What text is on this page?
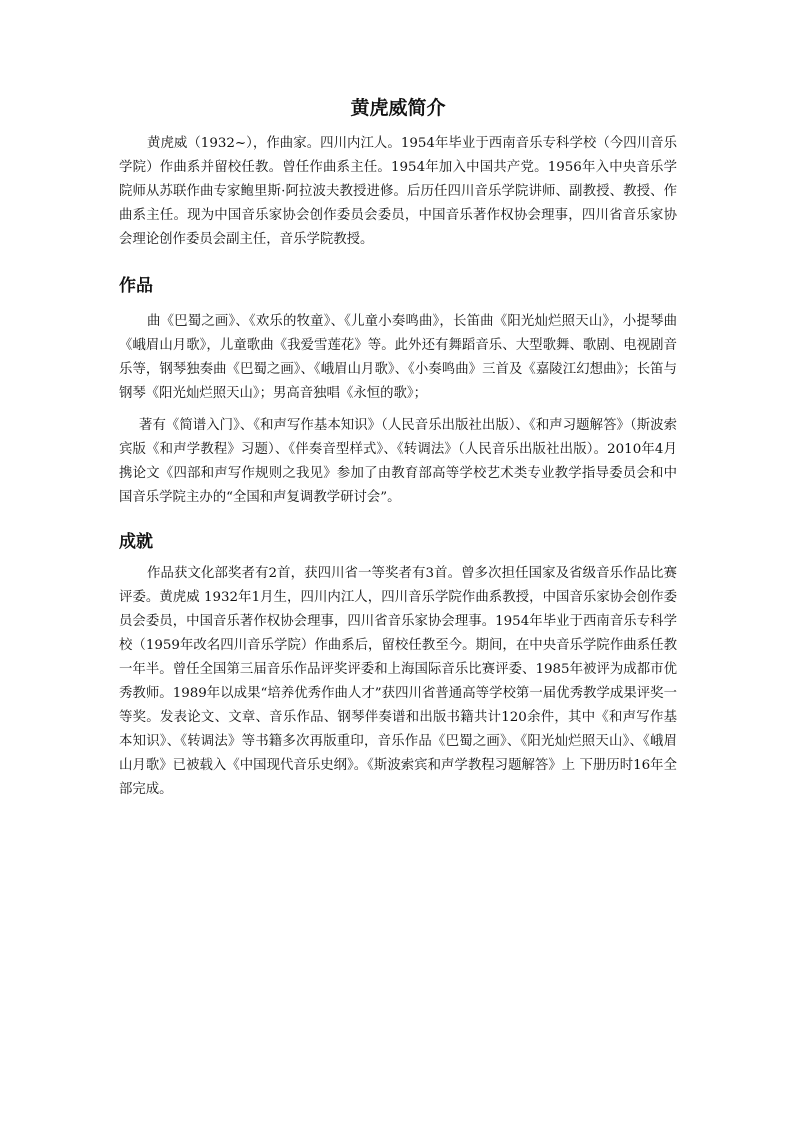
黄虎威简介

黄虎威（1932~），作曲家。四川内江人。1954年毕业于西南音乐专科学校（今四川音乐学院）作曲系并留校任教。曾任作曲系主任。1954年加入中国共产党。1956年入中央音乐学院师从苏联作曲专家鲍里斯·阿拉波夫教授进修。后历任四川音乐学院讲师、副教授、教授、作曲系主任。现为中国音乐家协会创作委员会委员，中国音乐著作权协会理事，四川省音乐家协会理论创作委员会副主任，音乐学院教授。

作品

曲《巴蜀之画》、《欢乐的牧童》、《儿童小奏鸣曲》，长笛曲《阳光灿烂照天山》，小提琴曲《峨眉山月歌》，儿童歌曲《我爱雪莲花》等。此外还有舞蹈音乐、大型歌舞、歌剧、电视剧音乐等，钢琴独奏曲《巴蜀之画》、《峨眉山月歌》、《小奏鸣曲》三首及《嘉陵江幻想曲》；长笛与钢琴《阳光灿烂照天山》；男高音独唱《永恒的歌》；

著有《简谱入门》、《和声写作基本知识》（人民音乐出版社出版）、《和声习题解答》（斯波索宾版《和声学教程》习题）、《伴奏音型样式》、《转调法》（人民音乐出版社出版）。2010年4月携论文《四部和声写作规则之我见》参加了由教育部高等学校艺术类专业教学指导委员会和中国音乐学院主办的“全国和声复调教学研讨会”。

成就

作品获文化部奖者有2首，获四川省一等奖者有3首。曾多次担任国家及省级音乐作品比赛评委。黄虎威 1932年1月生，四川内江人，四川音乐学院作曲系教授，中国音乐家协会创作委员会委员，中国音乐著作权协会理事，四川省音乐家协会理事。1954年毕业于西南音乐专科学校（1959年改名四川音乐学院）作曲系后，留校任教至今。期间，在中央音乐学院作曲系任教一年半。曾任全国第三届音乐作品评奖评委和上海国际音乐比赛评委、1985年被评为成都市优秀教师。1989年以成果“培养优秀作曲人才”获四川省普通高等学校第一届优秀教学成果评奖一等奖。发表论文、文章、音乐作品、钢琴伴奏谱和出版书籍共计120余件，其中《和声写作基本知识》、《转调法》等书籍多次再版重印，音乐作品《巴蜀之画》、《阳光灿烂照天山》、《峨眉山月歌》已被载入《中国现代音乐史纲》。《斯波索宾和声学教程习题解答》上 下册历时16年全部完成。
